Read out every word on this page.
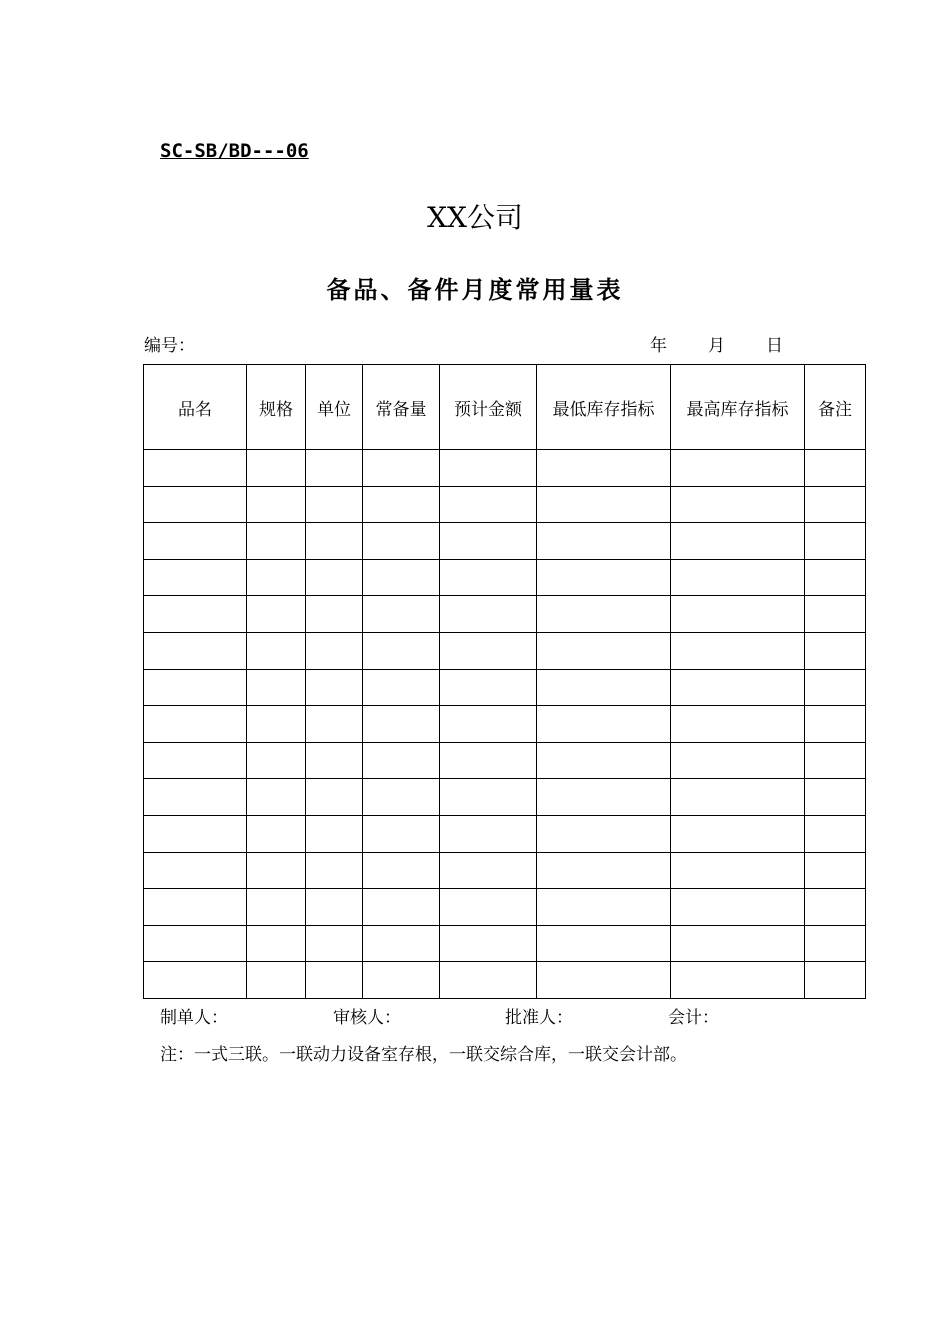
SC-SB/BD---06
XX公司
备品、备件月度常用量表
编号：	年 月 日
品名	规格	单位	常备量	预计金额	最低库存指标	最高库存指标	备注

制单人：	审核人：	批准人：	会计：
注：一式三联。一联动力设备室存根，一联交综合库，一联交会计部。
